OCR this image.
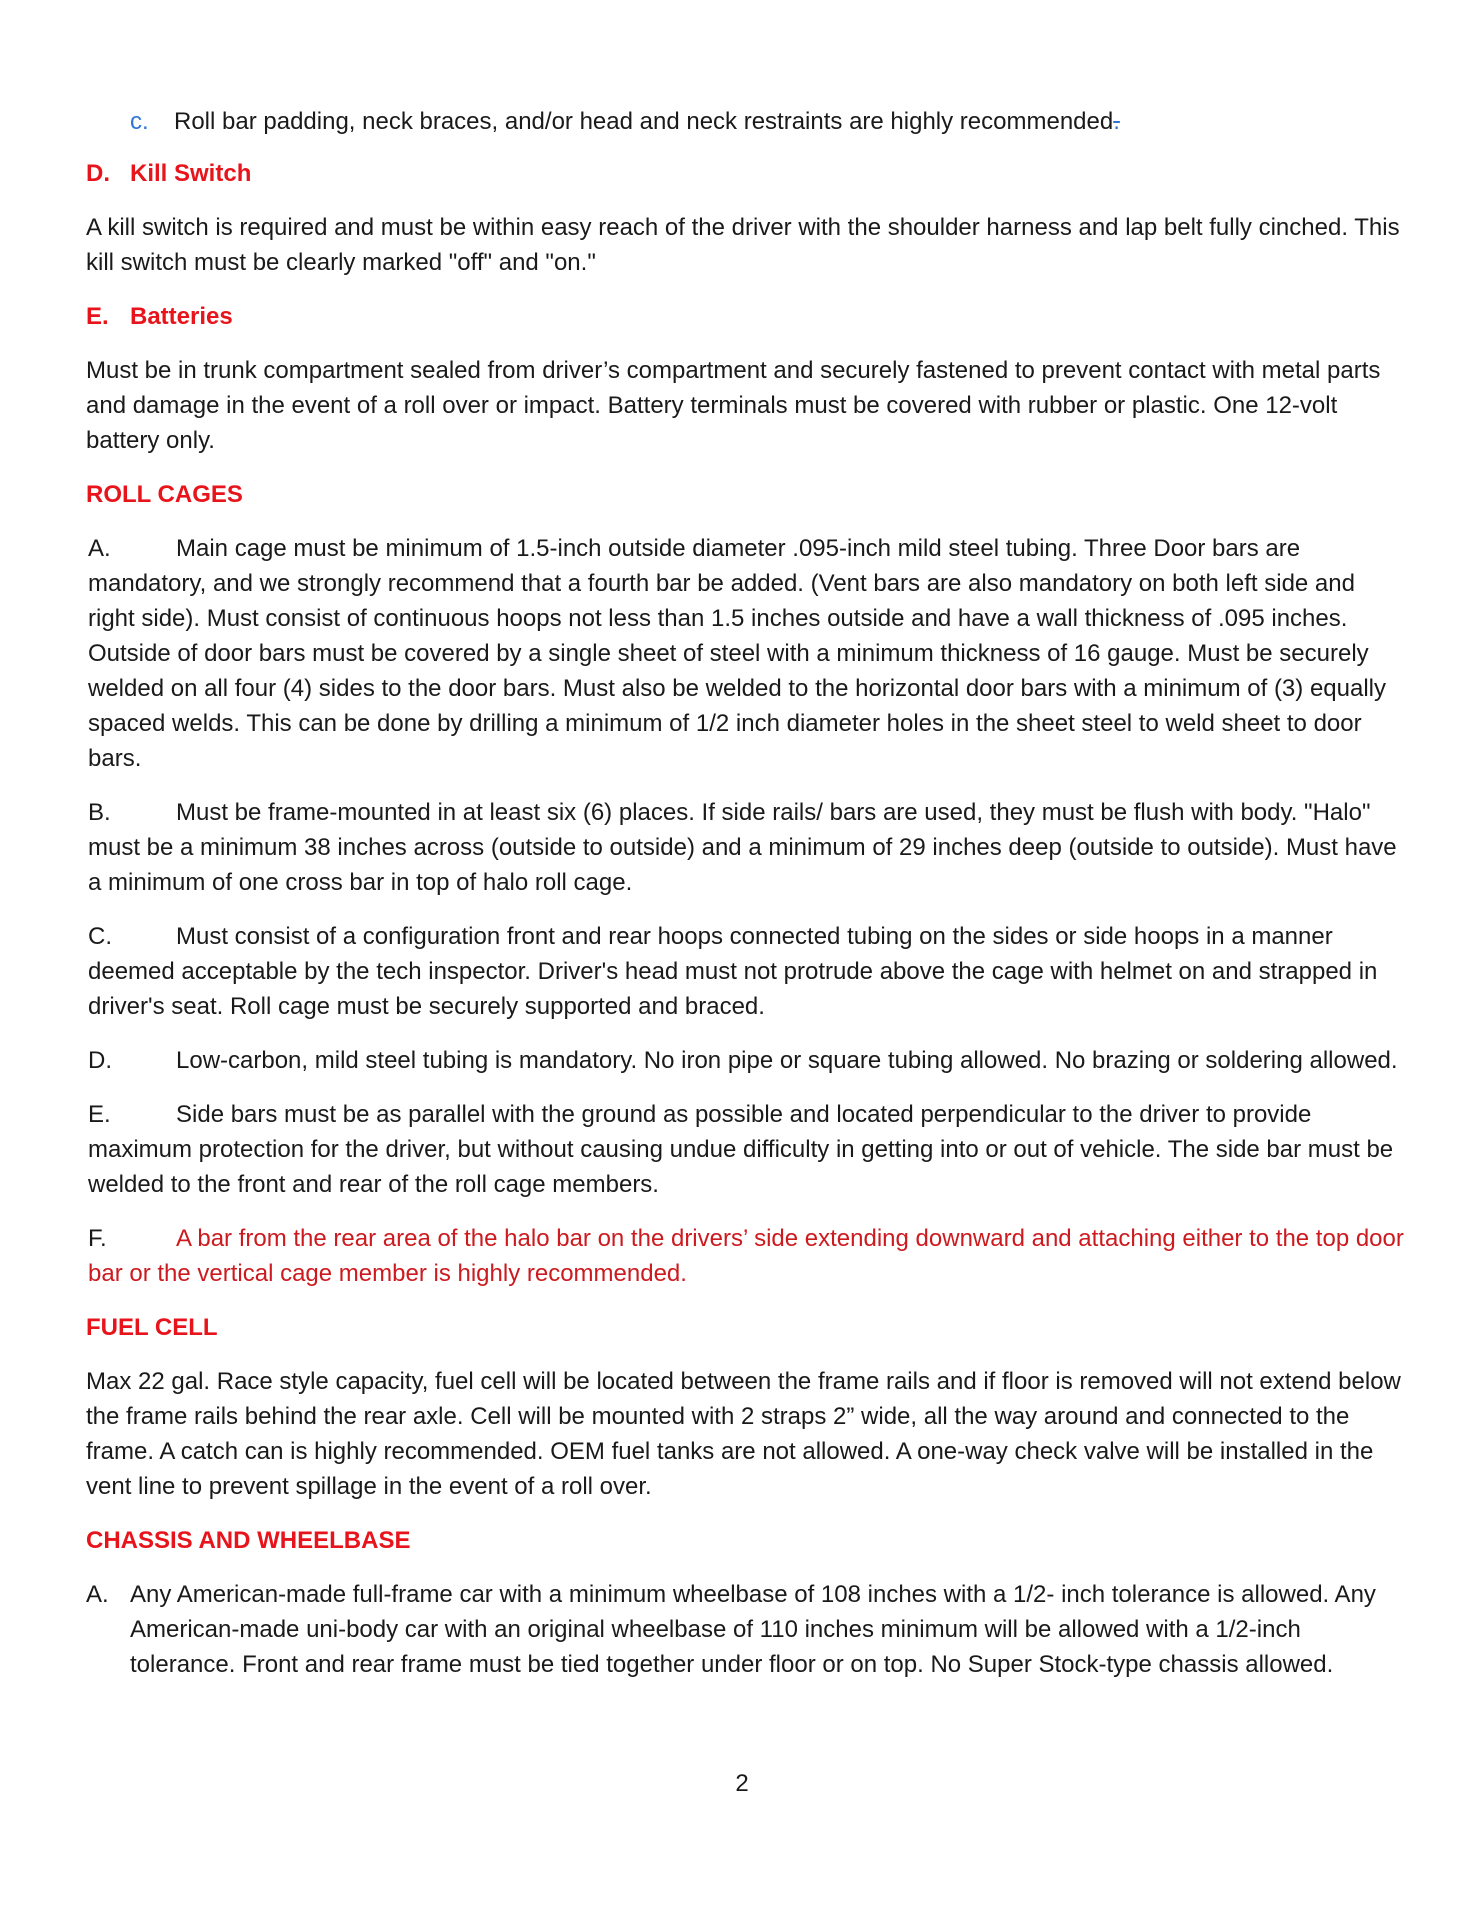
c.	Roll bar padding, neck braces, and/or head and neck restraints are highly recommended.
D. Kill Switch

A kill switch is required and must be within easy reach of the driver with the shoulder harness and lap belt fully cinched. This kill switch must be clearly marked "off" and "on."

E. Batteries

Must be in trunk compartment sealed from driver’s compartment and securely fastened to prevent contact with metal parts and damage in the event of a roll over or impact. Battery terminals must be covered with rubber or plastic. One 12-volt battery only.

ROLL CAGES

A.	Main cage must be minimum of 1.5-inch outside diameter .095-inch mild steel tubing. Three Door bars are mandatory, and we strongly recommend that a fourth bar be added. (Vent bars are also mandatory on both left side and right side). Must consist of continuous hoops not less than 1.5 inches outside and have a wall thickness of .095 inches. Outside of door bars must be covered by a single sheet of steel with a minimum thickness of 16 gauge. Must be securely welded on all four (4) sides to the door bars. Must also be welded to the horizontal door bars with a minimum of (3) equally spaced welds. This can be done by drilling a minimum of 1/2 inch diameter holes in the sheet steel to weld sheet to door bars.

B.	Must be frame-mounted in at least six (6) places. If side rails/ bars are used, they must be flush with body. "Halo" must be a minimum 38 inches across (outside to outside) and a minimum of 29 inches deep (outside to outside). Must have a minimum of one cross bar in top of halo roll cage.

C.	Must consist of a configuration front and rear hoops connected tubing on the sides or side hoops in a manner deemed acceptable by the tech inspector. Driver's head must not protrude above the cage with helmet on and strapped in driver's seat. Roll cage must be securely supported and braced.

D.	Low-carbon, mild steel tubing is mandatory. No iron pipe or square tubing allowed. No brazing or soldering allowed.

E.	Side bars must be as parallel with the ground as possible and located perpendicular to the driver to provide maximum protection for the driver, but without causing undue difficulty in getting into or out of vehicle. The side bar must be welded to the front and rear of the roll cage members.

F.	A bar from the rear area of the halo bar on the drivers’ side extending downward and attaching either to the top door bar or the vertical cage member is highly recommended.

FUEL CELL

Max 22 gal. Race style capacity, fuel cell will be located between the frame rails and if floor is removed will not extend below the frame rails behind the rear axle. Cell will be mounted with 2 straps 2” wide, all the way around and connected to the frame. A catch can is highly recommended. OEM fuel tanks are not allowed. A one-way check valve will be installed in the vent line to prevent spillage in the event of a roll over.

CHASSIS AND WHEELBASE
A. Any American-made full-frame car with a minimum wheelbase of 108 inches with a 1/2- inch tolerance is allowed. Any American-made uni-body car with an original wheelbase of 110 inches minimum will be allowed with a 1/2-inch tolerance. Front and rear frame must be tied together under floor or on top. No Super Stock-type chassis allowed.
2
